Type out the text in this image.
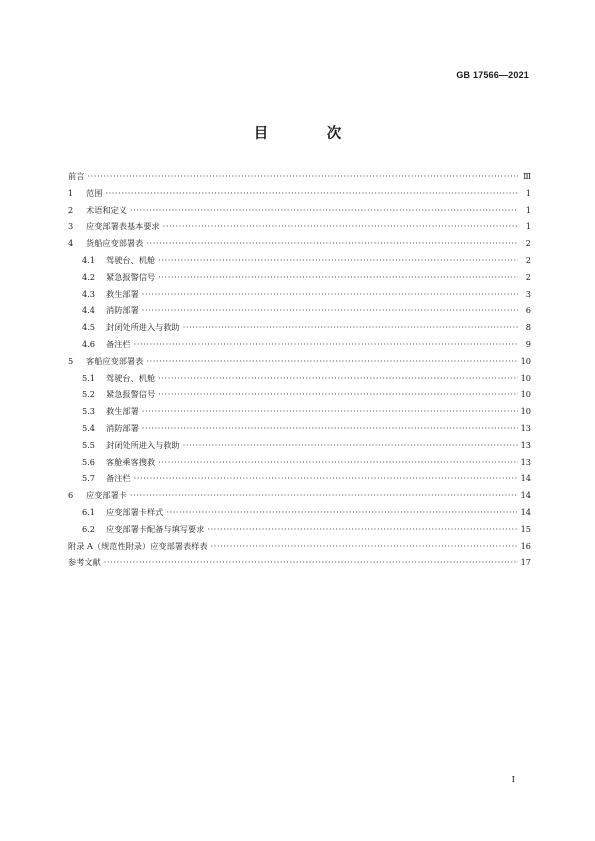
GB 17566—2021
目　次
前言 ·····	Ⅲ
1	范围 ·····	1
2	术语和定义 ·····	1
3	应变部署表基本要求 ·····	1
4	货船应变部署表 ·····	2
4.1	驾驶台、机舱 ·····	2
4.2	紧急报警信号 ·····	2
4.3	救生部署 ·····	3
4.4	消防部署 ·····	6
4.5	封闭处所进入与救助 ·····	8
4.6	备注栏 ·····	9
5	客船应变部署表 ·····	10
5.1	驾驶台、机舱 ·····	10
5.2	紧急报警信号 ·····	10
5.3	救生部署 ·····	10
5.4	消防部署 ·····	13
5.5	封闭处所进入与救助 ·····	13
5.6	客舱乘客搜救 ·····	13
5.7	备注栏 ·····	14
6	应变部署卡 ·····	14
6.1	应变部署卡样式 ·····	14
6.2	应变部署卡配备与填写要求 ·····	15
附录 A（规范性附录）应变部署表样表 ·····	16
参考文献 ·····	17
I
